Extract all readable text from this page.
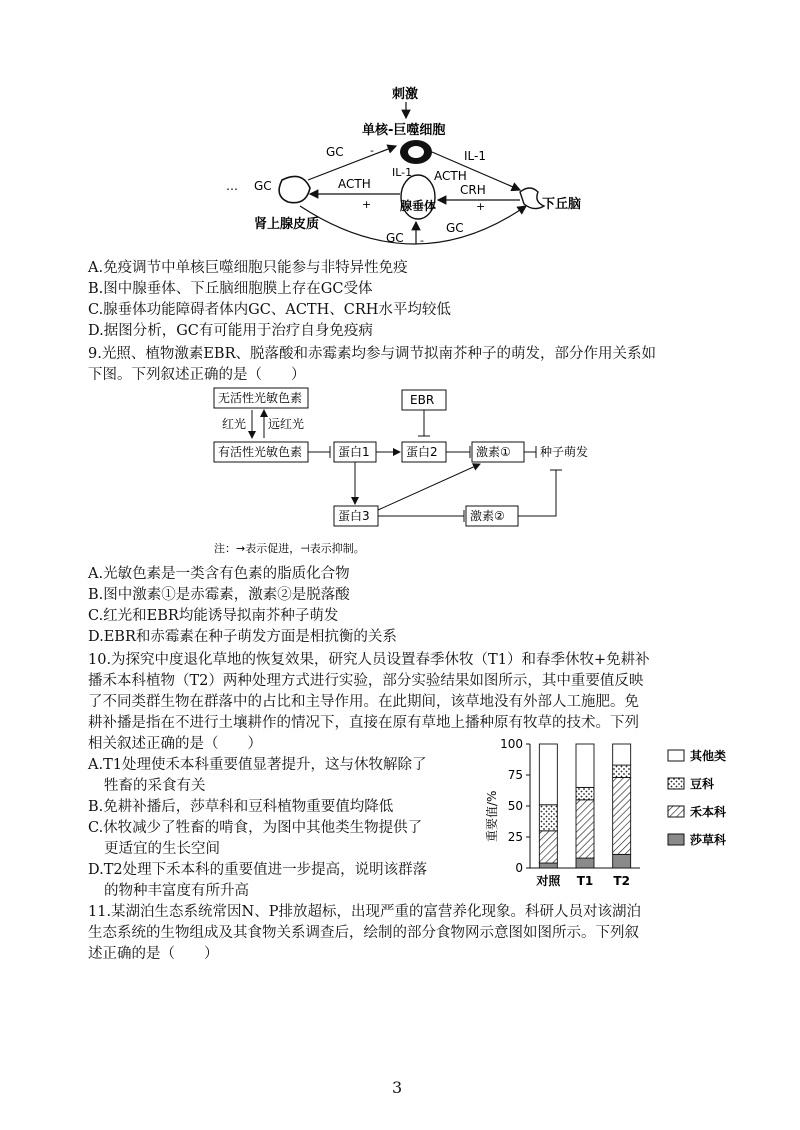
刺激
单核-巨噬细胞
IL-1
下丘脑
腺垂体
IL-1 ACTH
CRH
+
ACTH
+
… GC
肾上腺皮质
GC -
GC
GC
-
A.免疫调节中单核巨噬细胞只能参与非特异性免疫
B.图中腺垂体、下丘脑细胞膜上存在GC受体
C.腺垂体功能障碍者体内GC、ACTH、CRH水平均较低
D.据图分析，GC有可能用于治疗自身免疫病
9.光照、植物激素EBR、脱落酸和赤霉素均参与调节拟南芥种子的萌发，部分作用关系如
下图。下列叙述正确的是（　　）
无活性光敏色素
红光 远红光
有活性光敏色素	蛋白1	蛋白2
EBR
激素① 种子萌发
蛋白3	激素②
注：→表示促进，⊣表示抑制。
A.光敏色素是一类含有色素的脂质化合物
B.图中激素①是赤霉素，激素②是脱落酸
C.红光和EBR均能诱导拟南芥种子萌发
D.EBR和赤霉素在种子萌发方面是相抗衡的关系
10.为探究中度退化草地的恢复效果，研究人员设置春季休牧（T1）和春季休牧+免耕补
播禾本科植物（T2）两种处理方式进行实验，部分实验结果如图所示，其中重要值反映
了不同类群生物在群落中的占比和主导作用。在此期间，该草地没有外部人工施肥。免
耕补播是指在不进行土壤耕作的情况下，直接在原有草地上播种原有牧草的技术。下列
相关叙述正确的是（　　）
A.T1处理使禾本科重要值显著提升，这与休牧解除了
牲畜的采食有关
B.免耕补播后，莎草科和豆科植物重要值均降低
C.休牧减少了牲畜的啃食，为图中其他类生物提供了
更适宜的生长空间
D.T2处理下禾本科的重要值进一步提高，说明该群落
的物种丰富度有所升高
0
25
50
75
100
对照 T1 T2
其他类
豆科
禾本科
莎草科
重要值/%
11.某湖泊生态系统常因N、P排放超标，出现严重的富营养化现象。科研人员对该湖泊
生态系统的生物组成及其食物关系调查后，绘制的部分食物网示意图如图所示。下列叙
述正确的是（　　）
3
